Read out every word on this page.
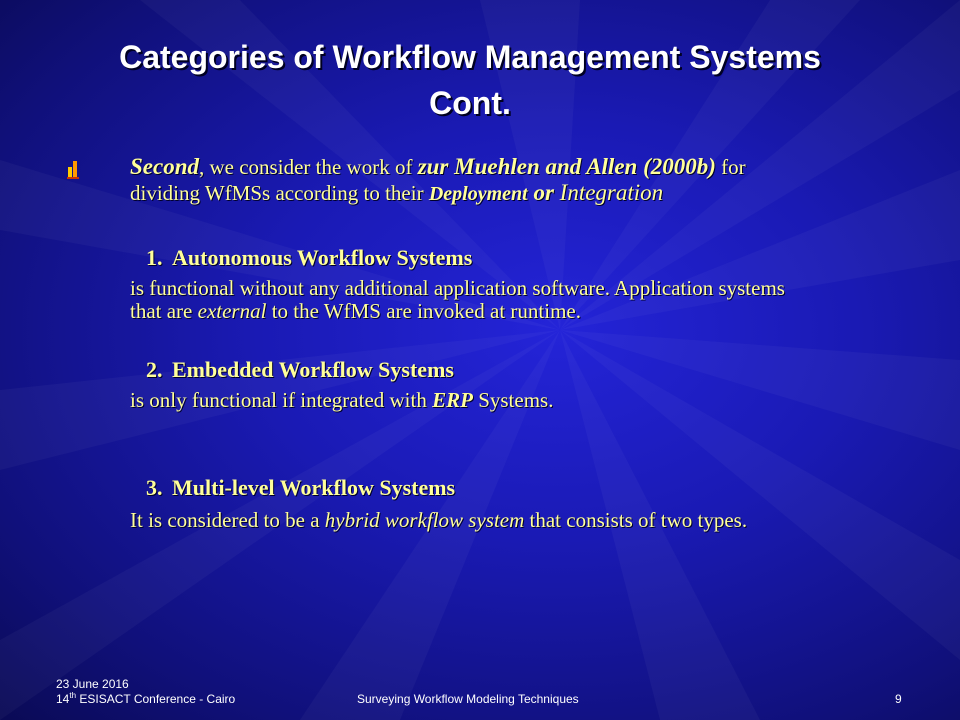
Categories of Workflow Management Systems
Cont.
Second, we consider the work of zur Muehlen and Allen (2000b) for
dividing WfMSs according to their Deployment or Integration
1. Autonomous Workflow Systems
is functional without any additional application software. Application systems
that are external to the WfMS are invoked at runtime.
2. Embedded Workflow Systems
is only functional if integrated with ERP Systems.
3. Multi-level Workflow Systems
It is considered to be a hybrid workflow system that consists of two types.
23 June 2016
14th ESISACT Conference - Cairo	Surveying Workflow Modeling Techniques	9
